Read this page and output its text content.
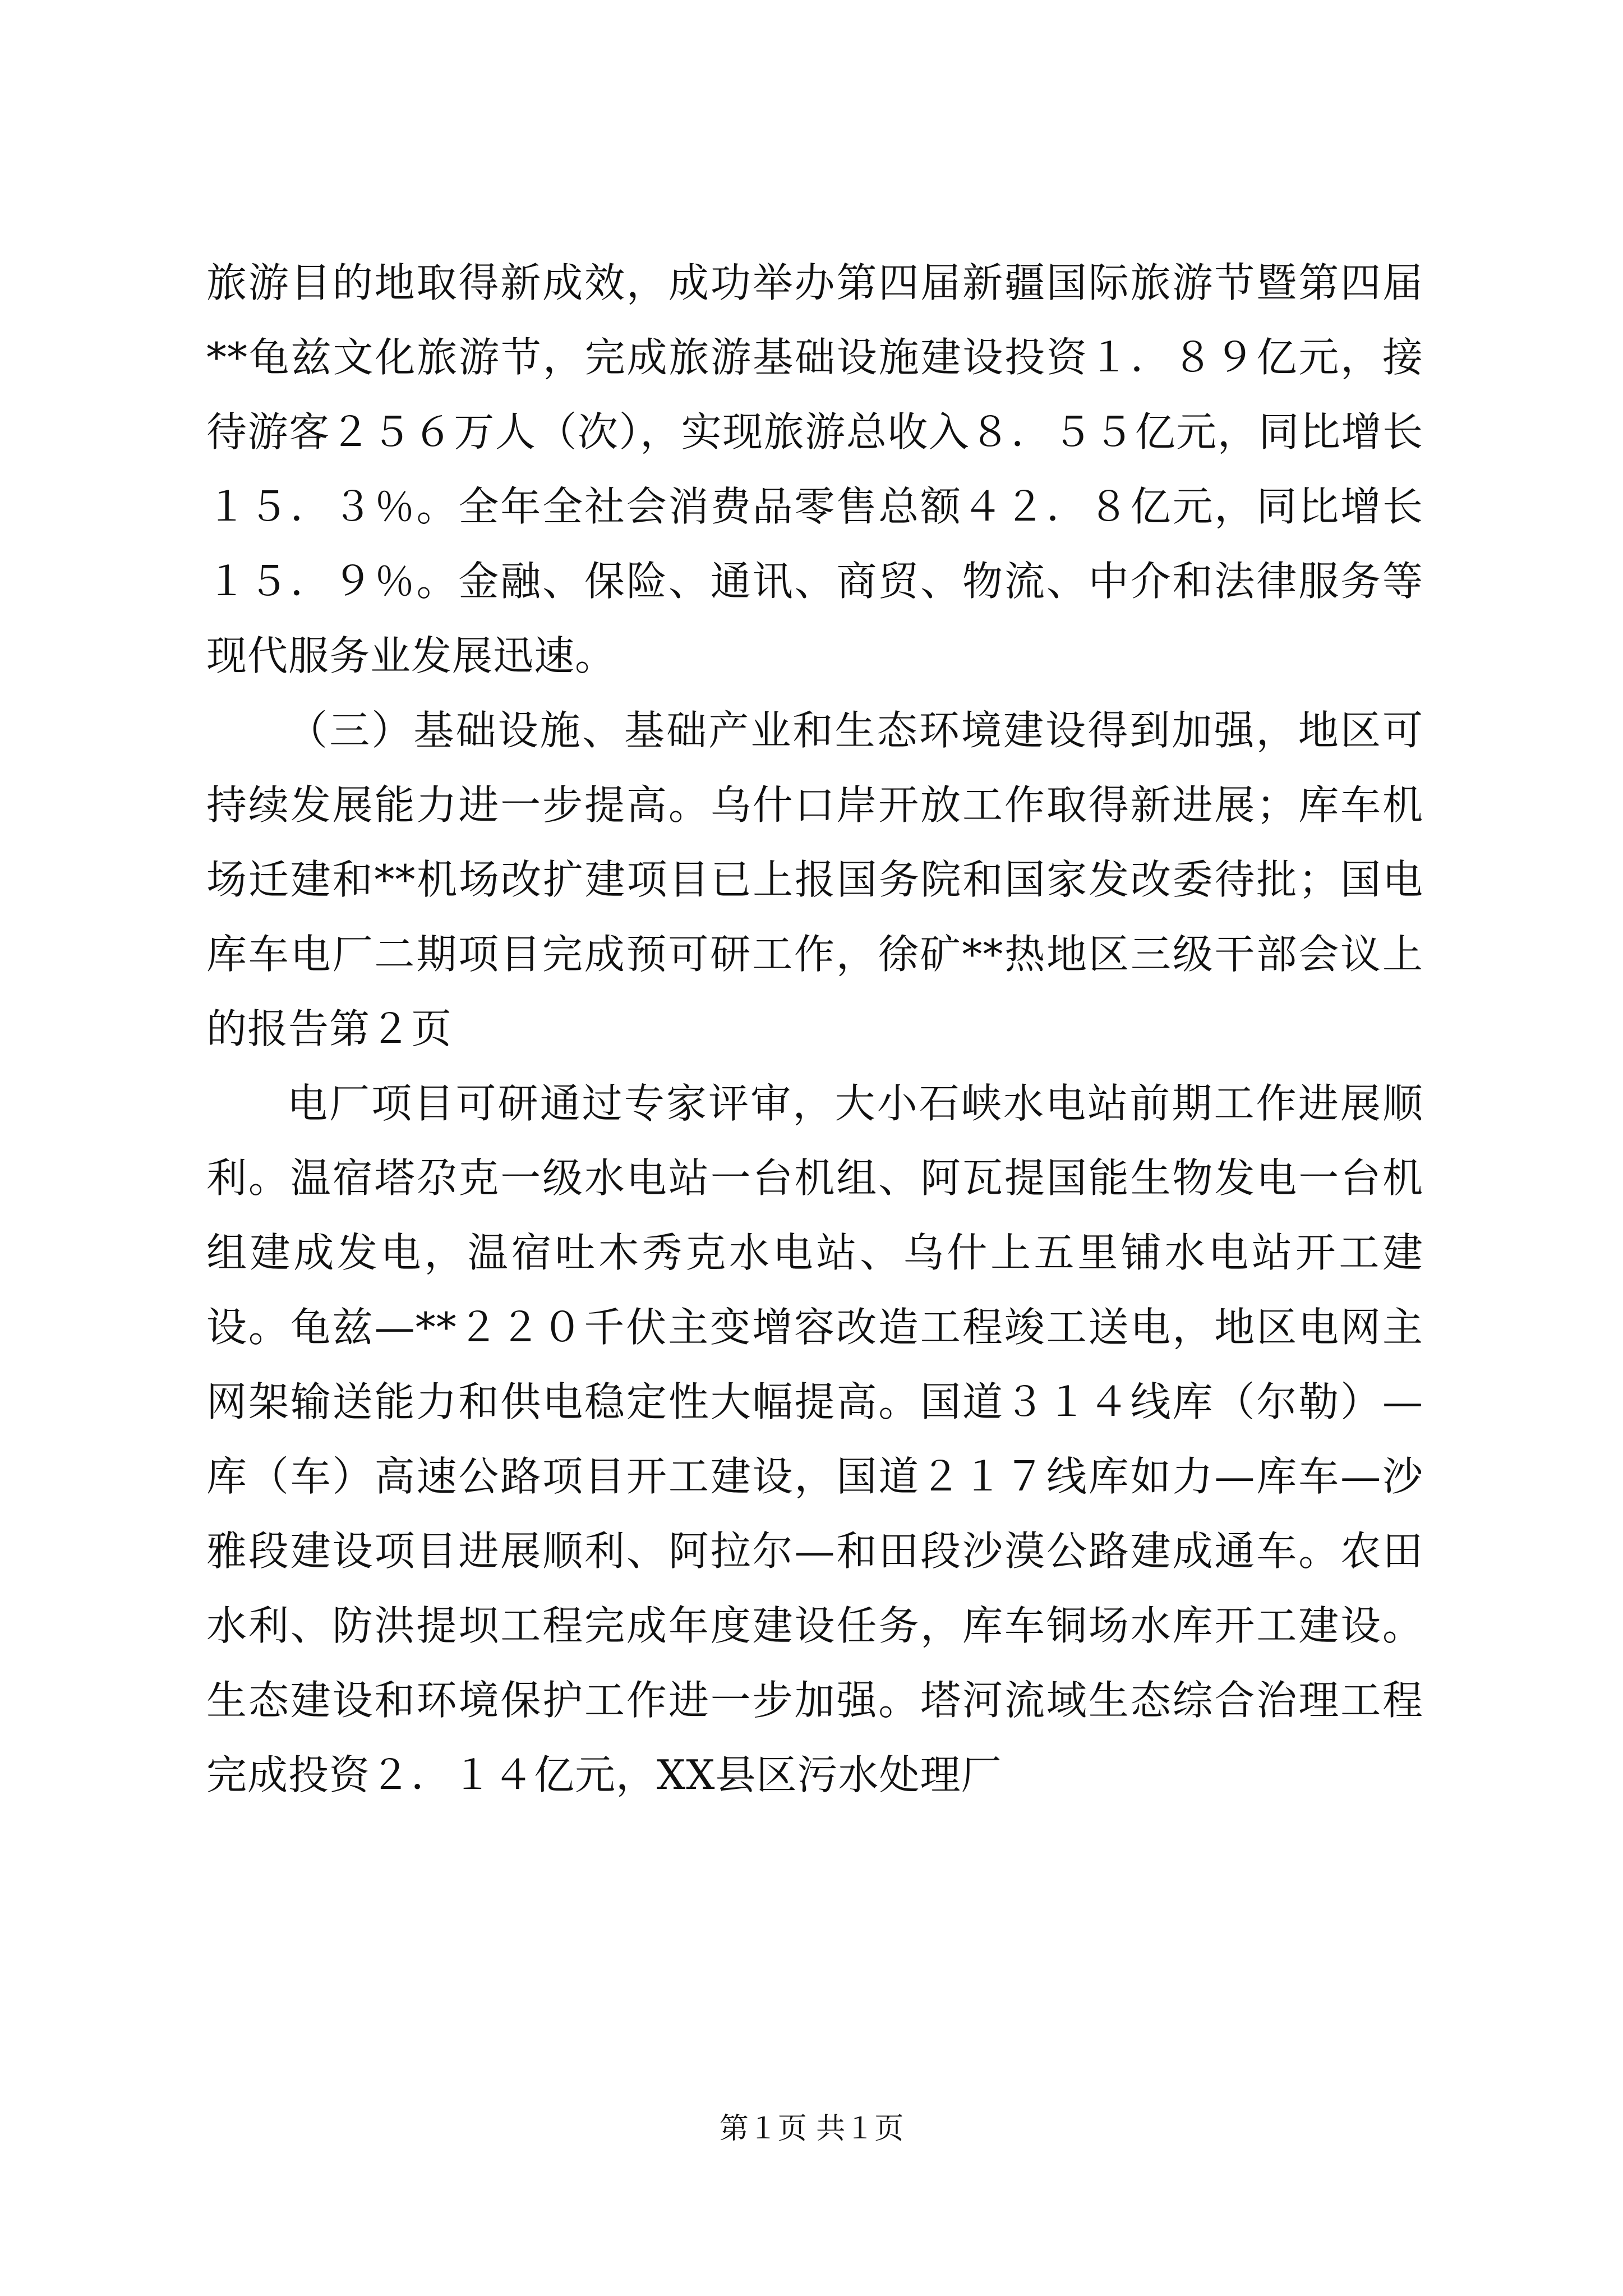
旅游目的地取得新成效，成功举办第四届新疆国际旅游节暨第四届**龟兹文化旅游节，完成旅游基础设施建设投资１．８９亿元，接待游客２５６万人（次），实现旅游总收入８．５５亿元，同比增长１５．３％。全年全社会消费品零售总额４２．８亿元，同比增长１５．９％。金融、保险、通讯、商贸、物流、中介和法律服务等现代服务业发展迅速。

（三）基础设施、基础产业和生态环境建设得到加强，地区可持续发展能力进一步提高。乌什口岸开放工作取得新进展；库车机场迁建和**机场改扩建项目已上报国务院和国家发改委待批；国电库车电厂二期项目完成预可研工作，徐矿**热地区三级干部会议上的报告第２页

电厂项目可研通过专家评审，大小石峡水电站前期工作进展顺利。温宿塔尕克一级水电站一台机组、阿瓦提国能生物发电一台机组建成发电，温宿吐木秀克水电站、乌什上五里铺水电站开工建设。龟兹—**２２０千伏主变增容改造工程竣工送电，地区电网主网架输送能力和供电稳定性大幅提高。国道３１４线库（尔勒）—库（车）高速公路项目开工建设，国道２１７线库如力—库车—沙雅段建设项目进展顺利、阿拉尔—和田段沙漠公路建成通车。农田水利、防洪提坝工程完成年度建设任务，库车铜场水库开工建设。生态建设和环境保护工作进一步加强。塔河流域生态综合治理工程完成投资２．１４亿元，XX县区污水处理厂

第１页 共１页
